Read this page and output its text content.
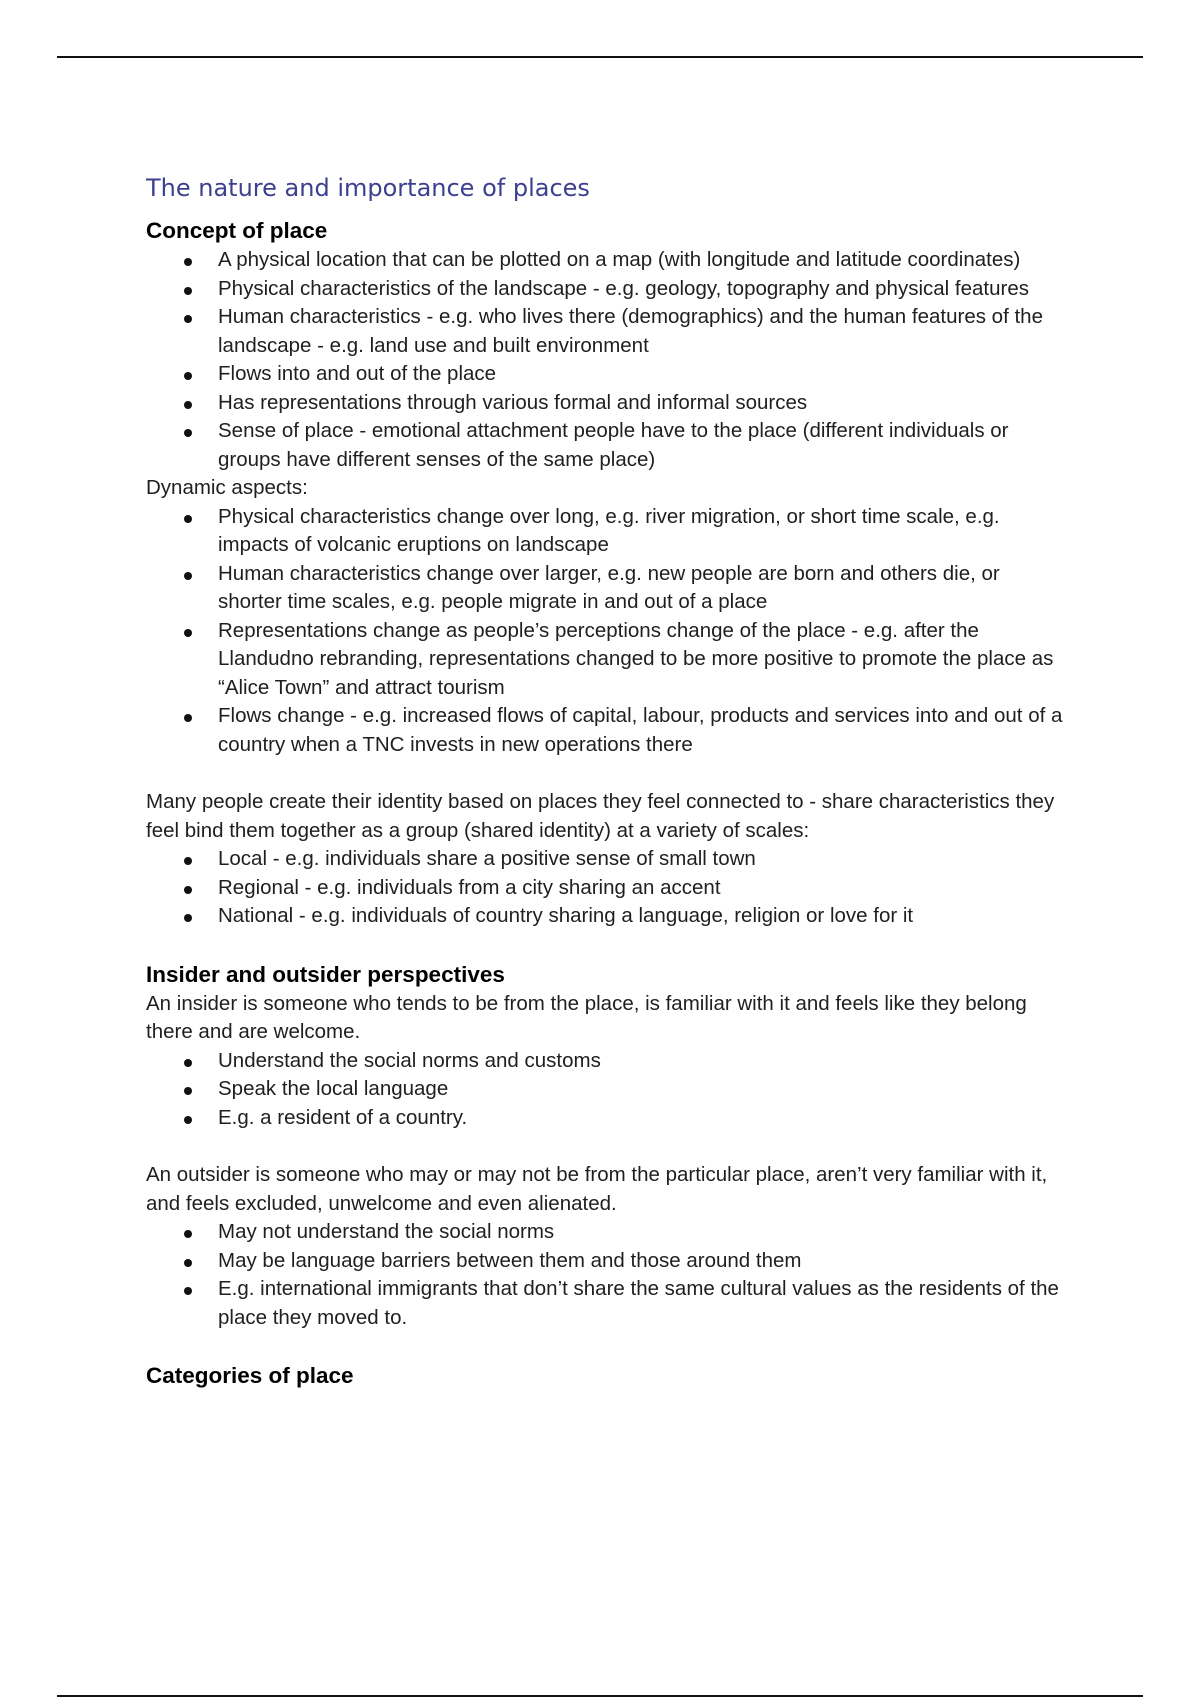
The nature and importance of places
Concept of place
A physical location that can be plotted on a map (with longitude and latitude coordinates)
Physical characteristics of the landscape - e.g. geology, topography and physical features
Human characteristics - e.g. who lives there (demographics) and the human features of the landscape - e.g. land use and built environment
Flows into and out of the place
Has representations through various formal and informal sources
Sense of place - emotional attachment people have to the place (different individuals or groups have different senses of the same place)

Dynamic aspects:

Physical characteristics change over long, e.g. river migration, or short time scale, e.g. impacts of volcanic eruptions on landscape
Human characteristics change over larger, e.g. new people are born and others die, or shorter time scales, e.g. people migrate in and out of a place
Representations change as people’s perceptions change of the place - e.g. after the Llandudno rebranding, representations changed to be more positive to promote the place as “Alice Town” and attract tourism
Flows change - e.g. increased flows of capital, labour, products and services into and out of a country when a TNC invests in new operations there

Many people create their identity based on places they feel connected to - share characteristics they feel bind them together as a group (shared identity) at a variety of scales:

Local - e.g. individuals share a positive sense of small town
Regional - e.g. individuals from a city sharing an accent
National - e.g. individuals of country sharing a language, religion or love for it
Insider and outsider perspectives

An insider is someone who tends to be from the place, is familiar with it and feels like they belong there and are welcome.

Understand the social norms and customs
Speak the local language
E.g. a resident of a country.

An outsider is someone who may or may not be from the particular place, aren’t very familiar with it, and feels excluded, unwelcome and even alienated.

May not understand the social norms
May be language barriers between them and those around them
E.g. international immigrants that don’t share the same cultural values as the residents of the place they moved to.
Categories of place
